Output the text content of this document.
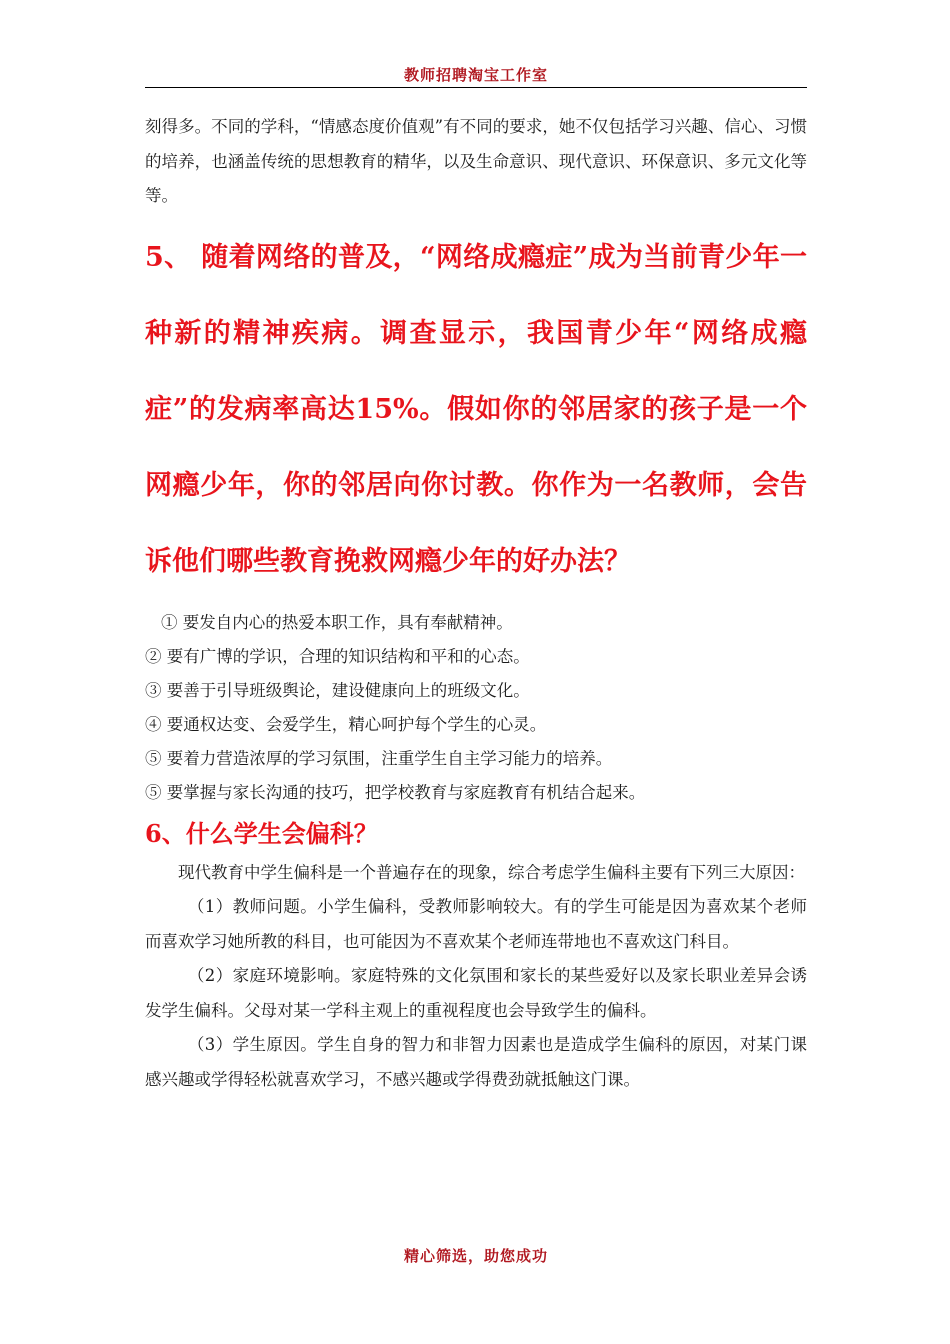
教师招聘淘宝工作室

刻得多。不同的学科，“情感态度价值观”有不同的要求，她不仅包括学习兴趣、信心、习惯的培养，也涵盖传统的思想教育的精华，以及生命意识、现代意识、环保意识、多元文化等等。

5、 随着网络的普及，“网络成瘾症”成为当前青少年一种新的精神疾病。调查显示，我国青少年“网络成瘾症”的发病率高达15%。假如你的邻居家的孩子是一个网瘾少年，你的邻居向你讨教。你作为一名教师，会告诉他们哪些教育挽救网瘾少年的好办法？

① 要发自内心的热爱本职工作，具有奉献精神。
② 要有广博的学识，合理的知识结构和平和的心态。
③ 要善于引导班级舆论，建设健康向上的班级文化。
④ 要通权达变、会爱学生，精心呵护每个学生的心灵。
⑤ 要着力营造浓厚的学习氛围，注重学生自主学习能力的培养。
⑤ 要掌握与家长沟通的技巧，把学校教育与家庭教育有机结合起来。

6、什么学生会偏科？

现代教育中学生偏科是一个普遍存在的现象，综合考虑学生偏科主要有下列三大原因：

（1）教师问题。小学生偏科，受教师影响较大。有的学生可能是因为喜欢某个老师而喜欢学习她所教的科目，也可能因为不喜欢某个老师连带地也不喜欢这门科目。

（2）家庭环境影响。家庭特殊的文化氛围和家长的某些爱好以及家长职业差异会诱发学生偏科。父母对某一学科主观上的重视程度也会导致学生的偏科。

（3）学生原因。学生自身的智力和非智力因素也是造成学生偏科的原因，对某门课感兴趣或学得轻松就喜欢学习，不感兴趣或学得费劲就抵触这门课。

精心筛选，助您成功
